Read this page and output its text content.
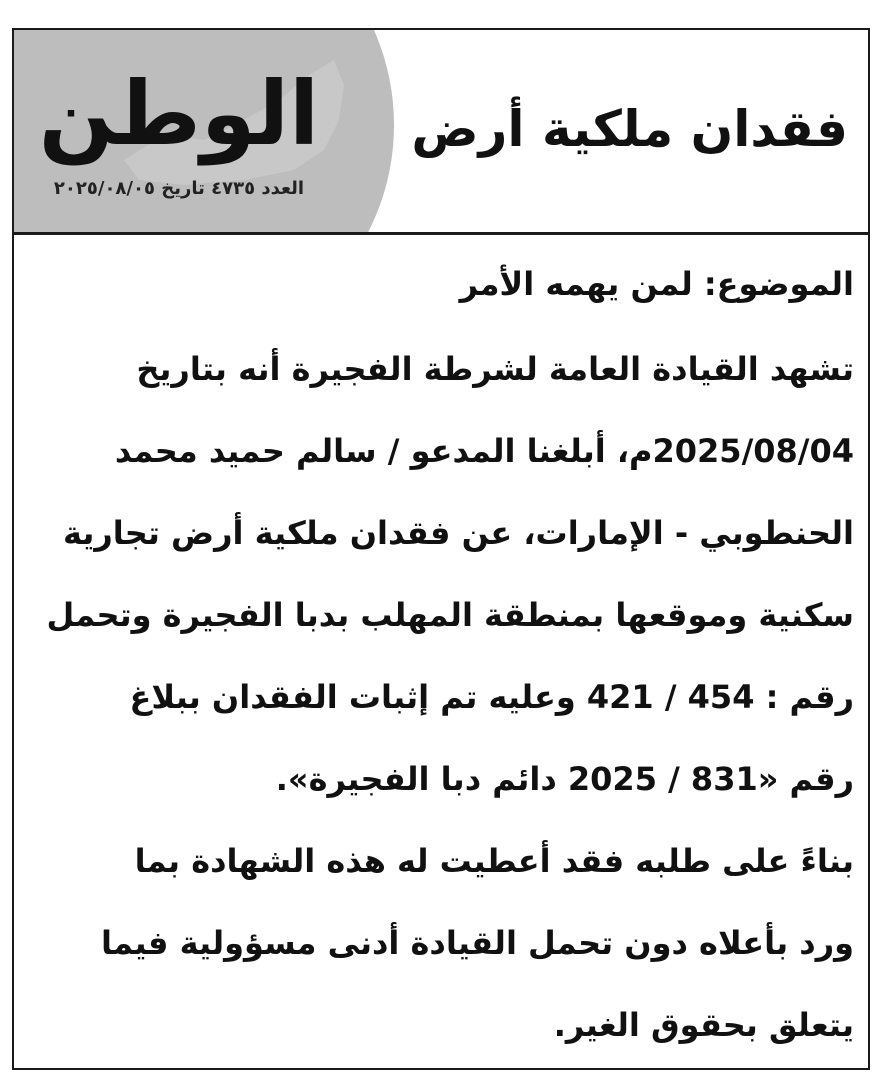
الوطن
العدد ٤٧٣٥ تاريخ ٢٠٢٥/٠٨/٠٥
فقدان ملكية أرض
الموضوع: لمن يهمه الأمر
تشهد القيادة العامة لشرطة الفجيرة أنه بتاريخ
2025/08/04م، أبلغنا المدعو / سالم حميد محمد
الحنطوبي - الإمارات، عن فقدان ملكية أرض تجارية
سكنية وموقعها بمنطقة المهلب بدبا الفجيرة وتحمل
رقم : 454 / 421 وعليه تم إثبات الفقدان ببلاغ
رقم «831 / 2025 دائم دبا الفجيرة».
بناءً على طلبه فقد أعطيت له هذه الشهادة بما
ورد بأعلاه دون تحمل القيادة أدنى مسؤولية فيما
يتعلق بحقوق الغير.
